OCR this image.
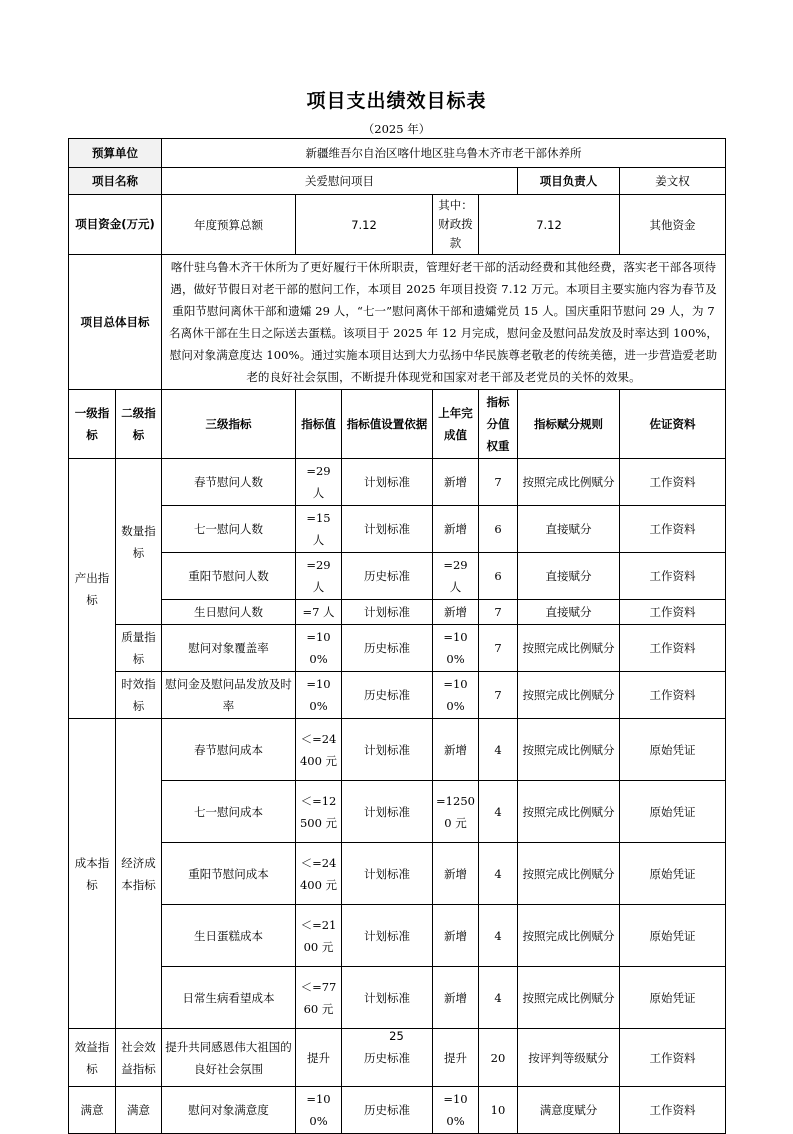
项目支出绩效目标表
（2025 年）
预算单位		新疆维吾尔自治区喀什地区驻乌鲁木齐市老干部休养所						
项目名称		关爱慰问项目					项目负责人	姜文权
项目资金(万元)		年度预算总额	7.12		其中：财政拨款	7.12		其他资金
项目总体目标		喀什驻乌鲁木齐干休所为了更好履行干休所职责，管理好老干部的活动经费和其他经费，落实老干部各项待遇，做好节假日对老干部的慰问工作，本项目 2025 年项目投资 7.12 万元。本项目主要实施内容为春节及重阳节慰问离休干部和遗孀 29 人，“七一”慰问离休干部和遗孀党员 15 人。国庆重阳节慰问 29 人，为 7 名离休干部在生日之际送去蛋糕。该项目于 2025 年 12 月完成，慰问金及慰问品发放及时率达到 100%，慰问对象满意度达 100%。通过实施本项目达到大力弘扬中华民族尊老敬老的传统美德，进一步营造爱老助老的良好社会氛围，不断提升体现党和国家对老干部及老党员的关怀的效果。						
一级指标	二级指标	三级指标	指标值	指标值设置依据	上年完成值	指标分值权重	指标赋分规则	佐证资料
产出指标	数量指标	春节慰问人数	=29 人	计划标准	新增	7	按照完成比例赋分	工作资料
		七一慰问人数	=15 人	计划标准	新增	6	直接赋分	工作资料
		重阳节慰问人数	=29 人	历史标准	=29 人	6	直接赋分	工作资料
		生日慰问人数	=7 人	计划标准	新增	7	直接赋分	工作资料
	质量指标	慰问对象覆盖率	=100%	历史标准	=100%	7	按照完成比例赋分	工作资料
	时效指标	慰问金及慰问品发放及时率	=100%	历史标准	=100%	7	按照完成比例赋分	工作资料
成本指标	经济成本指标	春节慰问成本	＜=24400 元	计划标准	新增	4	按照完成比例赋分	原始凭证
		七一慰问成本	＜=12500 元	计划标准	=12500 元	4	按照完成比例赋分	原始凭证
		重阳节慰问成本	＜=24400 元	计划标准	新增	4	按照完成比例赋分	原始凭证
		生日蛋糕成本	＜=2100 元	计划标准	新增	4	按照完成比例赋分	原始凭证
		日常生病看望成本	＜=7760 元	计划标准	新增	4	按照完成比例赋分	原始凭证
效益指标	社会效益指标	提升共同感恩伟大祖国的良好社会氛围	提升	历史标准	提升	20	按评判等级赋分	工作资料
满意	满意	慰问对象满意度	=100%	历史标准	=100%	10	满意度赋分	工作资料
25
